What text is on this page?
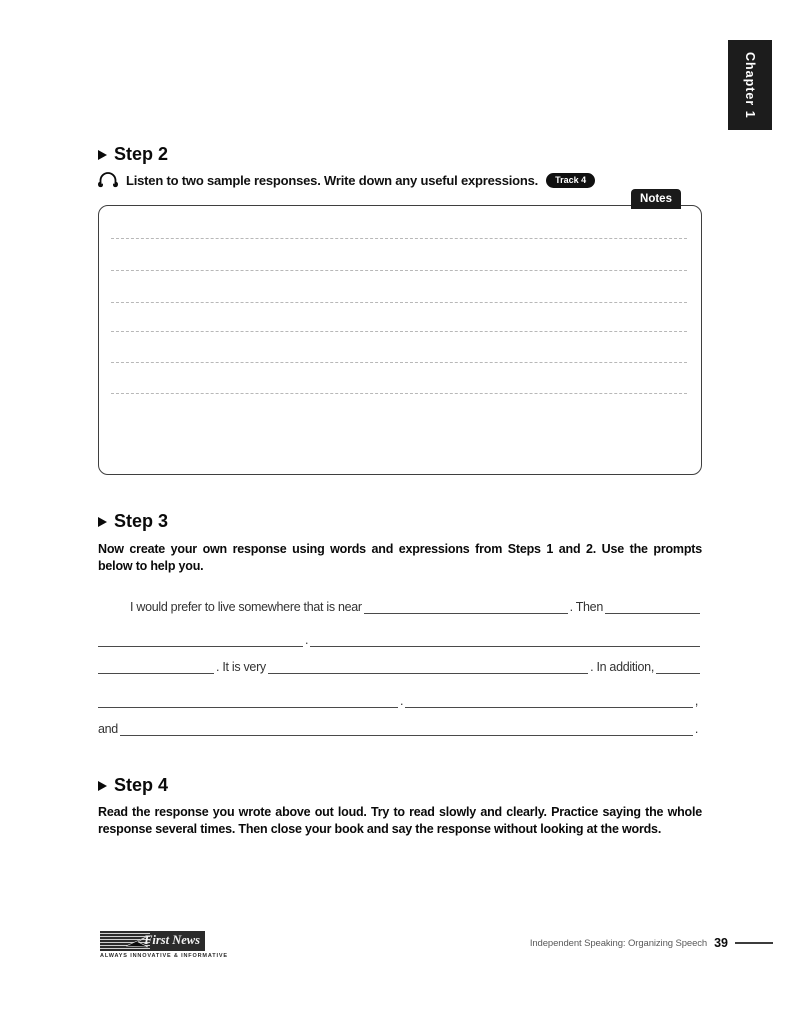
Chapter 1
Step 2
Listen to two sample responses. Write down any useful expressions.	Track 4
Notes
Step 3
Now create your own response using words and expressions from Steps 1 and 2. Use the prompts below to help you.
I would prefer to live somewhere that is near	. Then
.
. It is very	. In addition,
.	,
and	.
Step 4
Read the response you wrote above out loud. Try to read slowly and clearly. Practice saying the whole response several times. Then close your book and say the response without looking at the words.
First News
ALWAYS INNOVATIVE & INFORMATIVE
Independent Speaking: Organizing Speech 39
